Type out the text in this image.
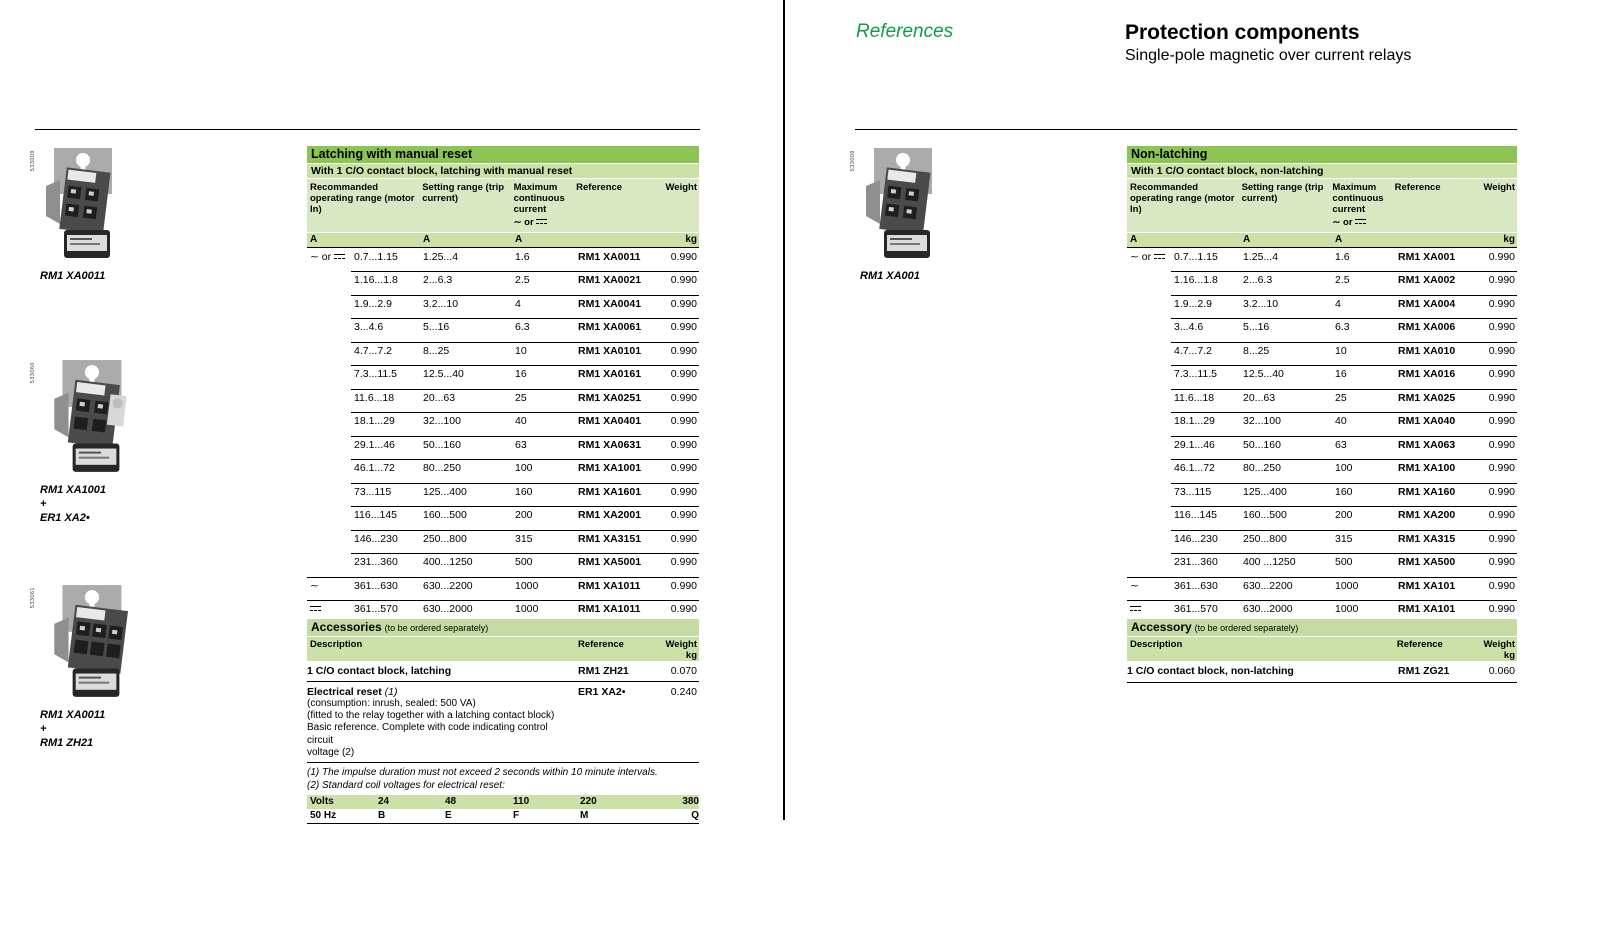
References	Protection components
Single-pole magnetic over current relays
533009
RM1 XA0011
533060
RM1 XA1001
+
ER1 XA2•
533061
RM1 XA0011
+
RM1 ZH21
533009
RM1 XA001
Latching with manual reset
With 1 C/O contact block, latching with manual reset
Recommanded operating range (motor In)
Setting range (trip current)
Maximum continuous current
∼ or
Reference	Weight
A	A	A	kg
∼ or	0.7...1.15	1.25...4	1.6	RM1 XA0011	0.990
1.16...1.8	2...6.3	2.5	RM1 XA0021	0.990
1.9...2.9	3.2...10	4	RM1 XA0041	0.990
3...4.6	5...16	6.3	RM1 XA0061	0.990
4.7...7.2	8...25	10	RM1 XA0101	0.990
7.3...11.5	12.5...40	16	RM1 XA0161	0.990
11.6...18	20...63	25	RM1 XA0251	0.990
18.1...29	32...100	40	RM1 XA0401	0.990
29.1...46	50...160	63	RM1 XA0631	0.990
46.1...72	80...250	100	RM1 XA1001	0.990
73...115	125...400	160	RM1 XA1601	0.990
116...145	160...500	200	RM1 XA2001	0.990
146...230	250...800	315	RM1 XA3151	0.990
231...360	400...1250	500	RM1 XA5001	0.990
∼	361...630	630...2200	1000	RM1 XA1011	0.990
361...570	630...2000	1000	RM1 XA1011	0.990
Non-latching
With 1 C/O contact block, non-latching
Recommanded operating range (motor In)
Setting range (trip current)
Maximum continuous current
∼ or
Reference	Weight
A	A	A	kg
∼ or	0.7...1.15	1.25...4	1.6	RM1 XA001	0.990
1.16...1.8	2...6.3	2.5	RM1 XA002	0.990
1.9...2.9	3.2...10	4	RM1 XA004	0.990
3...4.6	5...16	6.3	RM1 XA006	0.990
4.7...7.2	8...25	10	RM1 XA010	0.990
7.3...11.5	12.5...40	16	RM1 XA016	0.990
11.6...18	20...63	25	RM1 XA025	0.990
18.1...29	32...100	40	RM1 XA040	0.990
29.1...46	50...160	63	RM1 XA063	0.990
46.1...72	80...250	100	RM1 XA100	0.990
73...115	125...400	160	RM1 XA160	0.990
116...145	160...500	200	RM1 XA200	0.990
146...230	250...800	315	RM1 XA315	0.990
231...360	400 ...1250	500	RM1 XA500	0.990
∼	361...630	630...2200	1000	RM1 XA101	0.990
361...570	630...2000	1000	RM1 XA101	0.990
Accessories (to be ordered separately)
Description	Reference	Weight
kg
1 C/O contact block, latching	RM1 ZH21	0.070
Electrical reset (1)
(consumption: inrush, sealed: 500 VA)
(fitted to the relay together with a latching contact block)
Basic reference. Complete with code indicating control circuit
voltage (2)
ER1 XA2•	0.240
(1) The impulse duration must not exceed 2 seconds within 10 minute intervals.
(2) Standard coil voltages for electrical reset:
Volts	24	48	110	220	380
50 Hz	B	E	F	M	Q
Accessory (to be ordered separately)
Description	Reference	Weight
kg
1 C/O contact block, non-latching	RM1 ZG21	0.060
